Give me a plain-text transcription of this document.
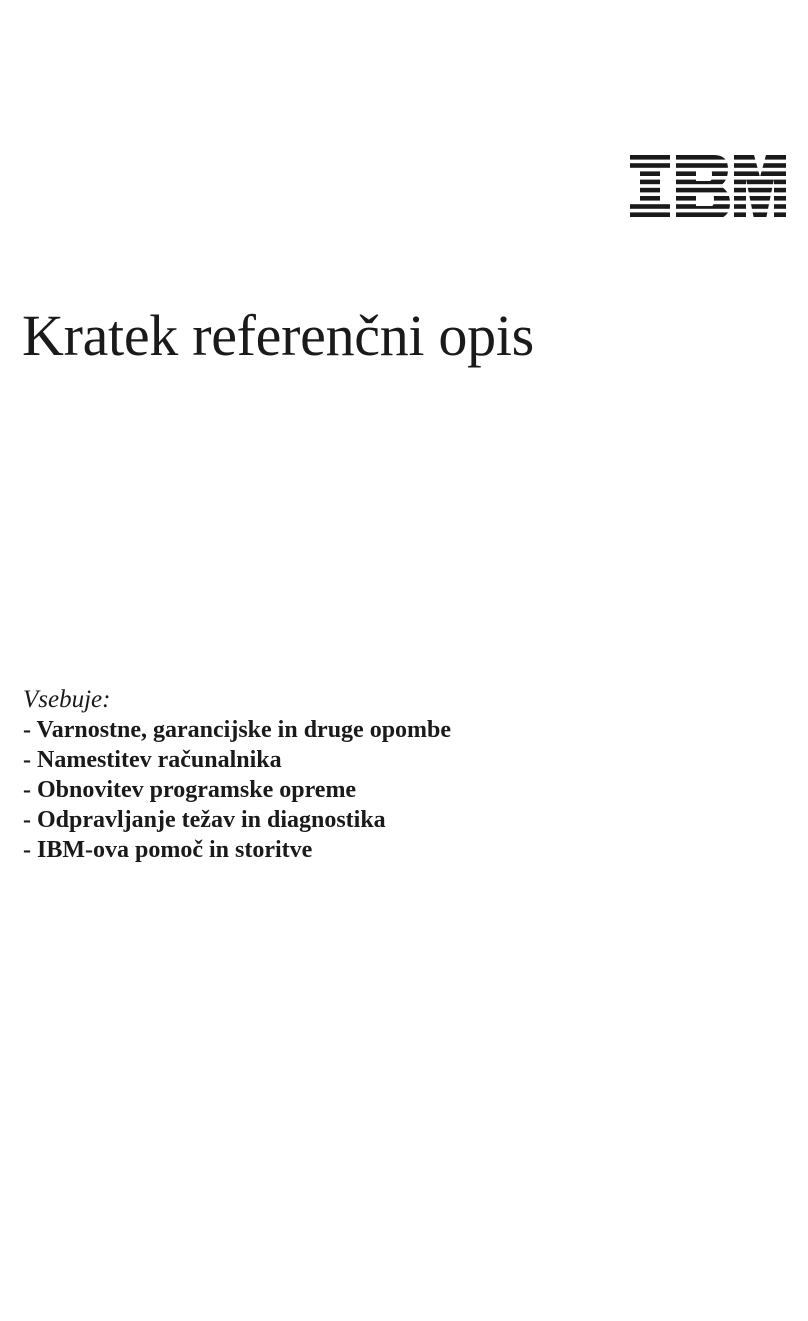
Kratek referenčni opis
Vsebuje:
- Varnostne, garancijske in druge opombe
- Namestitev računalnika
- Obnovitev programske opreme
- Odpravljanje težav in diagnostika
- IBM-ova pomoč in storitve
